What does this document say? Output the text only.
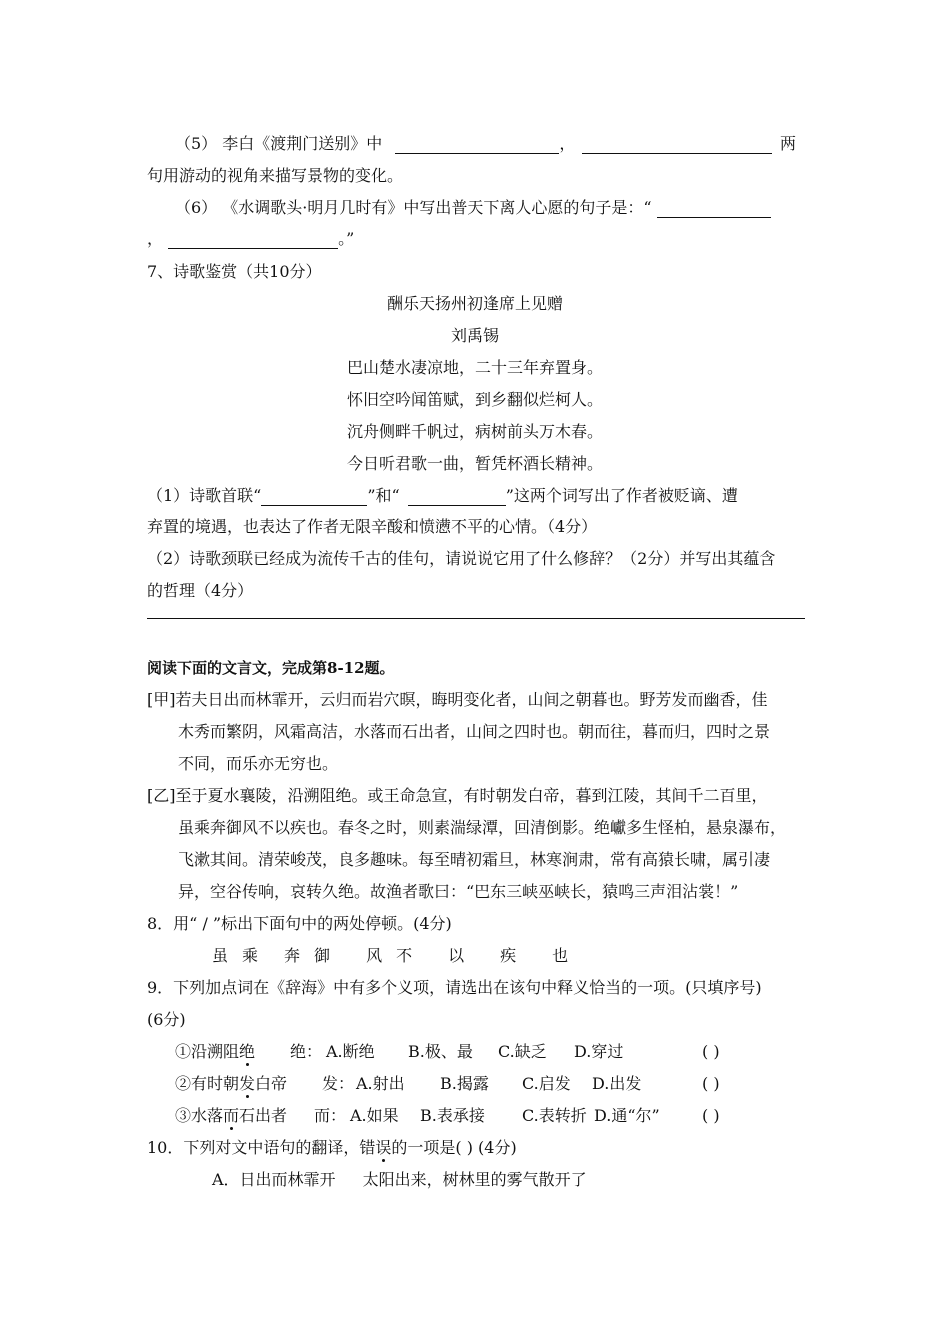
（5） 李白《渡荆门送别》中	，	两
句用游动的视角来描写景物的变化。
（6） 《水调歌头·明月几时有》中写出普天下离人心愿的句子是：“
，	。”
7、诗歌鉴赏（共10分）
酬乐天扬州初逢席上见赠
刘禹锡
巴山楚水凄凉地，二十三年弃置身。
怀旧空吟闻笛赋，到乡翻似烂柯人。
沉舟侧畔千帆过，病树前头万木春。
今日听君歌一曲，暂凭杯酒长精神。
（1）诗歌首联“	”和“	”这两个词写出了作者被贬谪、遭
弃置的境遇，也表达了作者无限辛酸和愤懑不平的心情。（4分）
（2）诗歌颈联已经成为流传千古的佳句，请说说它用了什么修辞？（2分）并写出其蕴含
的哲理（4分）
阅读下面的文言文，完成第8-12题。
[甲]若夫日出而林霏开，云归而岩穴暝，晦明变化者，山间之朝暮也。野芳发而幽香，佳
木秀而繁阴，风霜高洁，水落而石出者，山间之四时也。朝而往，暮而归，四时之景
不同，而乐亦无穷也。
[乙]至于夏水襄陵，沿溯阻绝。或王命急宣，有时朝发白帝，暮到江陵，其间千二百里，
虽乘奔御风不以疾也。春冬之时，则素湍绿潭，回清倒影。绝巘多生怪柏，悬泉瀑布，
飞漱其间。清荣峻茂，良多趣味。每至晴初霜旦，林寒涧肃，常有高猿长啸，属引凄
异，空谷传响，哀转久绝。故渔者歌曰：“巴东三峡巫峡长，猿鸣三声泪沾裳！”
8．用“ / ”标出下面句中的两处停顿。(4分)
虽 乘 奔 御 风 不 以 疾 也
9．下列加点词在《辞海》中有多个义项，请选出在该句中释义恰当的一项。(只填序号)
(6分)
①沿溯阻绝 绝： A.断绝 B.极、最 C.缺乏 D.穿过	( )
②有时朝发白帝 发： A.射出 B.揭露 C.启发 D.出发	( )
③水落而石出者 而： A.如果 B.表承接 C.表转折 D.通“尔”	( )
10．下列对文中语句的翻译，错误的一项是( ) (4分)
A．日出而林霏开 太阳出来，树林里的雾气散开了
